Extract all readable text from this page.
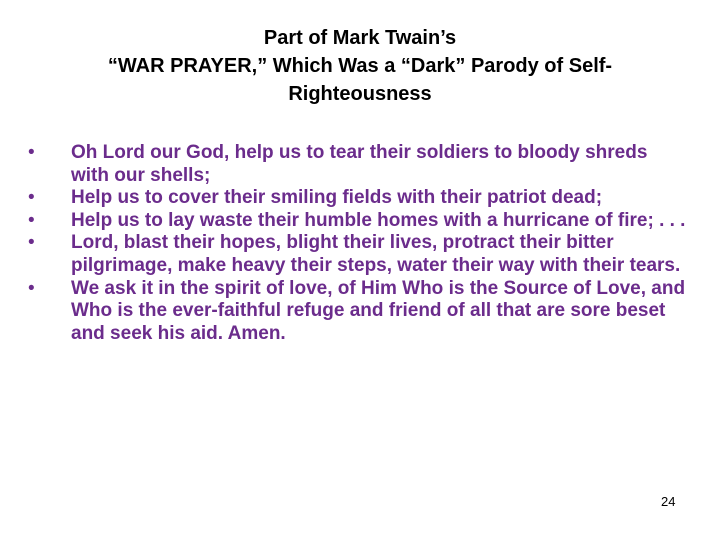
Part of Mark Twain’s
“WAR PRAYER,” Which Was a “Dark” Parody of Self-
Righteousness
• Oh Lord our God, help us to tear their soldiers to bloody shreds with our shells;
• Help us to cover their smiling fields with their patriot dead;
• Help us to lay waste their humble homes with a hurricane of fire; . . .
• Lord, blast their hopes, blight their lives, protract their bitter pilgrimage, make heavy their steps, water their way with their tears.
• We ask it in the spirit of love, of Him Who is the Source of Love, and Who is the ever-faithful refuge and friend of all that are sore beset and seek his aid. Amen.
24
